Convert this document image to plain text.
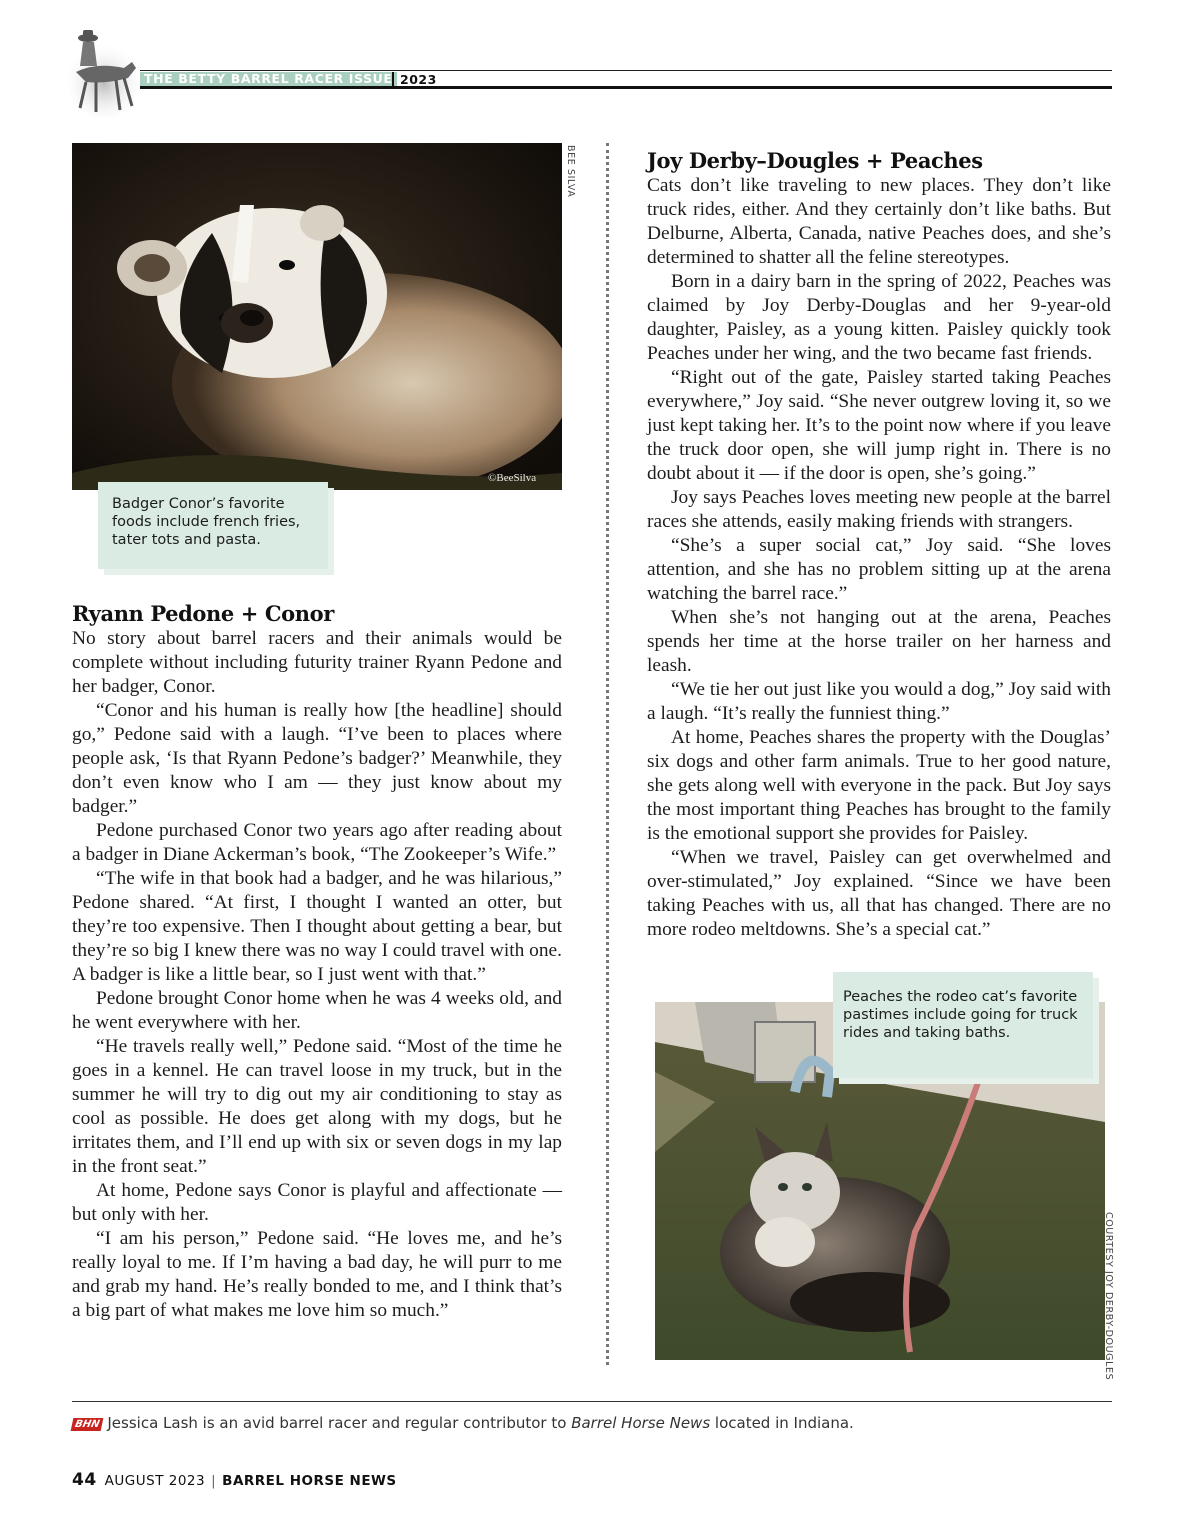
THE BETTY BARREL RACER ISSUE 2023
BEE SILVA
©BeeSilva
Badger Conor’s favorite foods include french fries, tater tots and pasta.
Ryann Pedone + Conor

No story about barrel racers and their animals would be complete without including futurity trainer Ryann Pedone and her badger, Conor.

“Conor and his human is really how [the headline] should go,” Pedone said with a laugh. “I’ve been to places where people ask, ‘Is that Ryann Pedone’s badger?’ Meanwhile, they don’t even know who I am — they just know about my badger.”

Pedone purchased Conor two years ago after reading about a badger in Diane Ackerman’s book, “The Zookeeper’s Wife.”

“The wife in that book had a badger, and he was hilarious,” Pedone shared. “At first, I thought I wanted an otter, but they’re too expensive. Then I thought about getting a bear, but they’re so big I knew there was no way I could travel with one. A badger is like a little bear, so I just went with that.”

Pedone brought Conor home when he was 4 weeks old, and he went everywhere with her.

“He travels really well,” Pedone said. “Most of the time he goes in a kennel. He can travel loose in my truck, but in the summer he will try to dig out my air conditioning to stay as cool as possible. He does get along with my dogs, but he irritates them, and I’ll end up with six or seven dogs in my lap in the front seat.”

At home, Pedone says Conor is playful and affectionate — but only with her.

“I am his person,” Pedone said. “He loves me, and he’s really loyal to me. If I’m having a bad day, he will purr to me and grab my hand. He’s really bonded to me, and I think that’s a big part of what makes me love him so much.”

Joy Derby–Dougles + Peaches

Cats don’t like traveling to new places. They don’t like truck rides, either. And they certainly don’t like baths. But Delburne, Alberta, Canada, native Peaches does, and she’s determined to shatter all the feline stereotypes.

Born in a dairy barn in the spring of 2022, Peaches was claimed by Joy Derby-Douglas and her 9-year-old daughter, Paisley, as a young kitten. Paisley quickly took Peaches under her wing, and the two became fast friends.

“Right out of the gate, Paisley started taking Peaches everywhere,” Joy said. “She never outgrew loving it, so we just kept taking her. It’s to the point now where if you leave the truck door open, she will jump right in. There is no doubt about it — if the door is open, she’s going.”

Joy says Peaches loves meeting new people at the barrel races she attends, easily making friends with strangers.

“She’s a super social cat,” Joy said. “She loves attention, and she has no problem sitting up at the arena watching the barrel race.”

When she’s not hanging out at the arena, Peaches spends her time at the horse trailer on her harness and leash.

“We tie her out just like you would a dog,” Joy said with a laugh. “It’s really the funniest thing.”

At home, Peaches shares the property with the Douglas’ six dogs and other farm animals. True to her good nature, she gets along well with everyone in the pack. But Joy says the most important thing Peaches has brought to the family is the emotional support she provides for Paisley.

“When we travel, Paisley can get overwhelmed and over-stimulated,” Joy explained. “Since we have been taking Peaches with us, all that has changed. There are no more rodeo meltdowns. She’s a special cat.”

COURTESY JOY DERBY-DOUGLES
Peaches the rodeo cat’s favorite pastimes include going for truck rides and taking baths.
BHN Jessica Lash is an avid barrel racer and regular contributor to Barrel Horse News located in Indiana.
44 AUGUST 2023 | BARREL HORSE NEWS
